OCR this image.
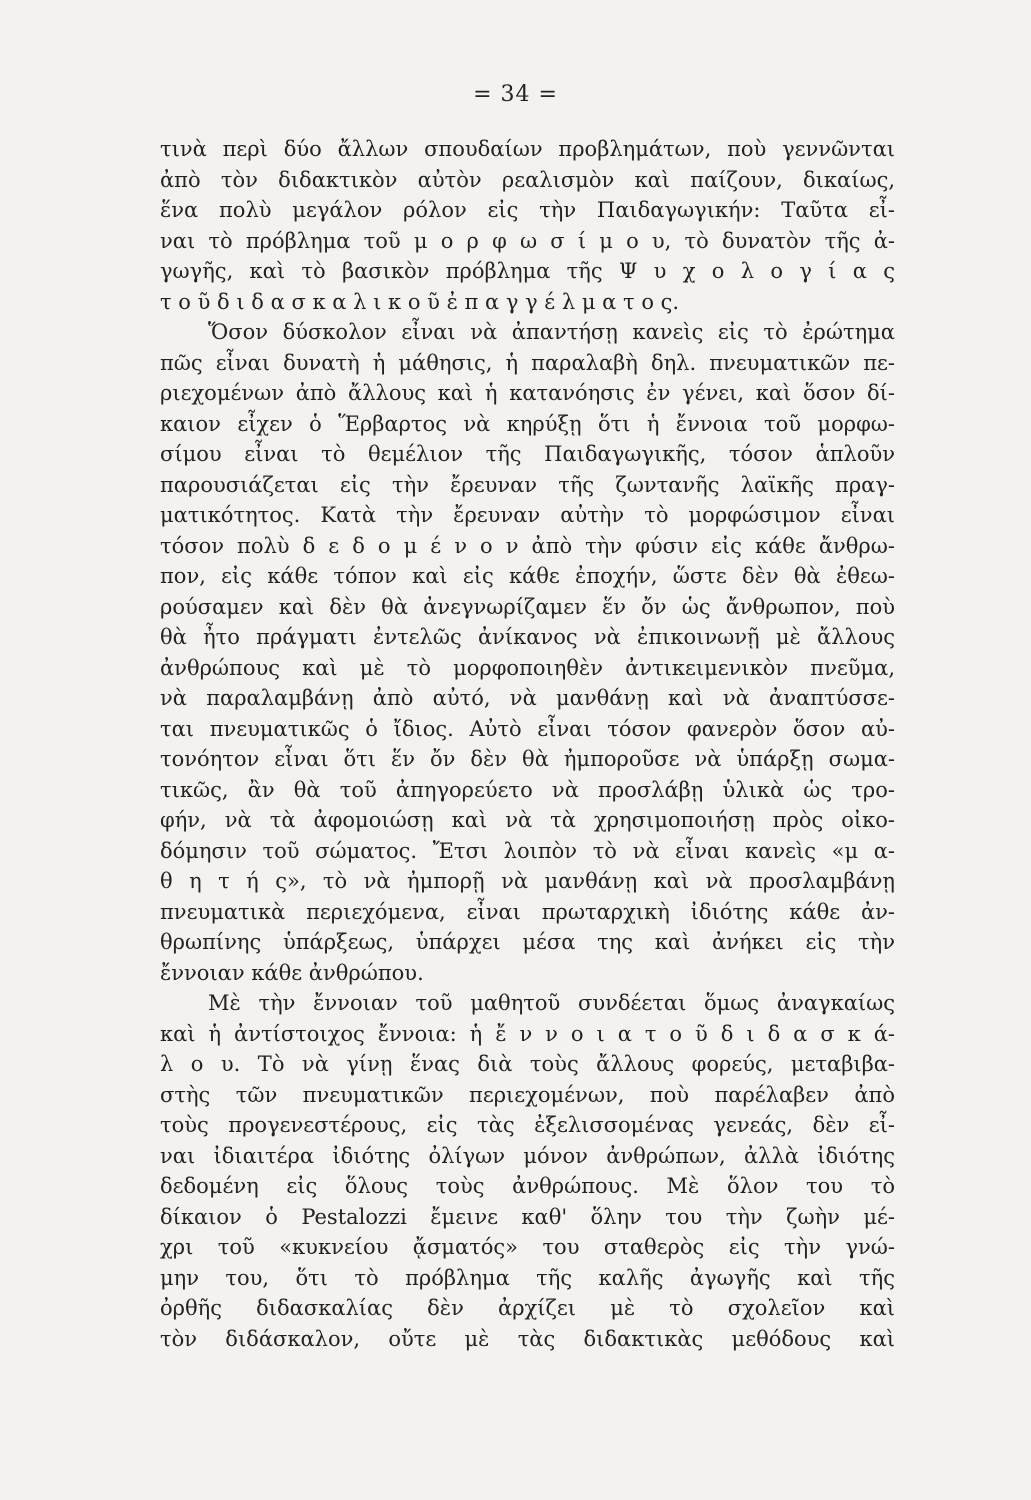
= 34 =
τινὰ περὶ δύο ἄλλων σπουδαίων προβλημάτων, ποὺ γεννῶνται
ἀπὸ τὸν διδακτικὸν αὐτὸν ρεαλισμὸν καὶ παίζουν, δικαίως,
ἕνα πολὺ μεγάλον ρόλον εἰς τὴν Παιδαγωγικήν: Ταῦτα εἶ-
ναι τὸ πρόβλημα τοῦ μ ο ρ φ ω σ ί μ ο υ, τὸ δυνατὸν τῆς ἀ-
γωγῆς, καὶ τὸ βασικὸν πρόβλημα τῆς Ψ υ χ ο λ ο γ ί α ς
τ ο ῦ δ ι δ α σ κ α λ ι κ ο ῦ ἐ π α γ γ έ λ μ α τ ο ς.
Ὅσον δύσκολον εἶναι νὰ ἀπαντήσῃ κανεὶς εἰς τὸ ἐρώτημα
πῶς εἶναι δυνατὴ ἡ μάθησις, ἡ παραλαβὴ δηλ. πνευματικῶν πε-
ριεχομένων ἀπὸ ἄλλους καὶ ἡ κατανόησις ἐν γένει, καὶ ὅσον δί-
καιον εἶχεν ὁ Ἕρβαρτος νὰ κηρύξῃ ὅτι ἡ ἔννοια τοῦ μορφω-
σίμου εἶναι τὸ θεμέλιον τῆς Παιδαγωγικῆς, τόσον ἁπλοῦν
παρουσιάζεται εἰς τὴν ἔρευναν τῆς ζωντανῆς λαϊκῆς πραγ-
ματικότητος. Κατὰ τὴν ἔρευναν αὐτὴν τὸ μορφώσιμον εἶναι
τόσον πολὺ δ ε δ ο μ έ ν ο ν ἀπὸ τὴν φύσιν εἰς κάθε ἄνθρω-
πον, εἰς κάθε τόπον καὶ εἰς κάθε ἐποχήν, ὥστε δὲν θὰ ἐθεω-
ρούσαμεν καὶ δὲν θὰ ἀνεγνωρίζαμεν ἕν ὄν ὡς ἄνθρωπον, ποὺ
θὰ ἦτο πράγματι ἐντελῶς ἀνίκανος νὰ ἐπικοινωνῇ μὲ ἄλλους
ἀνθρώπους καὶ μὲ τὸ μορφοποιηθὲν ἀντικειμενικὸν πνεῦμα,
νὰ παραλαμβάνῃ ἀπὸ αὐτό, νὰ μανθάνῃ καὶ νὰ ἀναπτύσσε-
ται πνευματικῶς ὁ ἴδιος. Αὐτὸ εἶναι τόσον φανερὸν ὅσον αὐ-
τονόητον εἶναι ὅτι ἕν ὄν δὲν θὰ ἠμποροῦσε νὰ ὑπάρξῃ σωμα-
τικῶς, ἂν θὰ τοῦ ἀπηγορεύετο νὰ προσλάβῃ ὑλικὰ ὡς τρο-
φήν, νὰ τὰ ἀφομοιώσῃ καὶ νὰ τὰ χρησιμοποιήσῃ πρὸς οἰκο-
δόμησιν τοῦ σώματος. Ἔτσι λοιπὸν τὸ νὰ εἶναι κανεὶς «μ α-
θ η τ ή ς», τὸ νὰ ἠμπορῇ νὰ μανθάνῃ καὶ νὰ προσλαμβάνῃ
πνευματικὰ περιεχόμενα, εἶναι πρωταρχικὴ ἰδιότης κάθε ἀν-
θρωπίνης ὑπάρξεως, ὑπάρχει μέσα της καὶ ἀνήκει εἰς τὴν
ἔννοιαν κάθε ἀνθρώπου.
Μὲ τὴν ἔννοιαν τοῦ μαθητοῦ συνδέεται ὅμως ἀναγκαίως
καὶ ἡ ἀντίστοιχος ἔννοια: ἡ ἔ ν ν ο ι α τ ο ῦ δ ι δ α σ κ ά-
λ ο υ. Τὸ νὰ γίνῃ ἕνας διὰ τοὺς ἄλλους φορεύς, μεταβιβα-
στὴς τῶν πνευματικῶν περιεχομένων, ποὺ παρέλαβεν ἀπὸ
τοὺς προγενεστέρους, εἰς τὰς ἐξελισσομένας γενεάς, δὲν εἶ-
ναι ἰδιαιτέρα ἰδιότης ὀλίγων μόνον ἀνθρώπων, ἀλλὰ ἰδιότης
δεδομένη εἰς ὅλους τοὺς ἀνθρώπους. Μὲ ὅλον του τὸ
δίκαιον ὁ Pestalozzi ἔμεινε καθ' ὅλην του τὴν ζωὴν μέ-
χρι τοῦ «κυκνείου ᾄσματός» του σταθερὸς εἰς τὴν γνώ-
μην του, ὅτι τὸ πρόβλημα τῆς καλῆς ἀγωγῆς καὶ τῆς
ὀρθῆς διδασκαλίας δὲν ἀρχίζει μὲ τὸ σχολεῖον καὶ
τὸν διδάσκαλον, οὔτε μὲ τὰς διδακτικὰς μεθόδους καὶ
